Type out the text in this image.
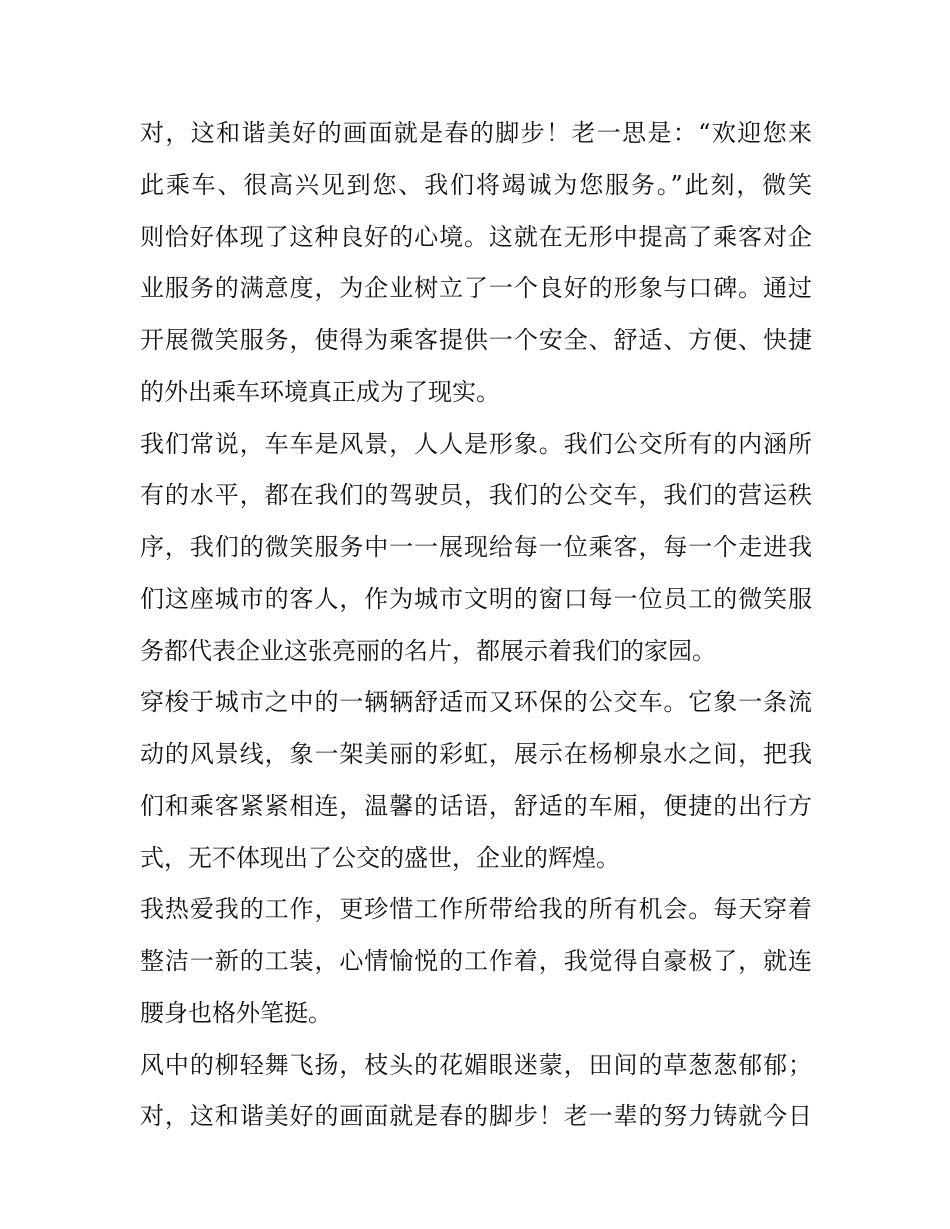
对，这和谐美好的画面就是春的脚步！老一思是：“欢迎您来
此乘车、很高兴见到您、我们将竭诚为您服务。”此刻，微笑
则恰好体现了这种良好的心境。这就在无形中提高了乘客对企
业服务的满意度，为企业树立了一个良好的形象与口碑。通过
开展微笑服务，使得为乘客提供一个安全、舒适、方便、快捷
的外出乘车环境真正成为了现实。
我们常说，车车是风景，人人是形象。我们公交所有的内涵所
有的水平，都在我们的驾驶员，我们的公交车，我们的营运秩
序，我们的微笑服务中一一展现给每一位乘客，每一个走进我
们这座城市的客人，作为城市文明的窗口每一位员工的微笑服
务都代表企业这张亮丽的名片，都展示着我们的家园。
穿梭于城市之中的一辆辆舒适而又环保的公交车。它象一条流
动的风景线，象一架美丽的彩虹，展示在杨柳泉水之间，把我
们和乘客紧紧相连，温馨的话语，舒适的车厢，便捷的出行方
式，无不体现出了公交的盛世，企业的辉煌。
我热爱我的工作，更珍惜工作所带给我的所有机会。每天穿着
整洁一新的工装，心情愉悦的工作着，我觉得自豪极了，就连
腰身也格外笔挺。
风中的柳轻舞飞扬，枝头的花媚眼迷蒙，田间的草葱葱郁郁；
对，这和谐美好的画面就是春的脚步！老一辈的努力铸就今日
